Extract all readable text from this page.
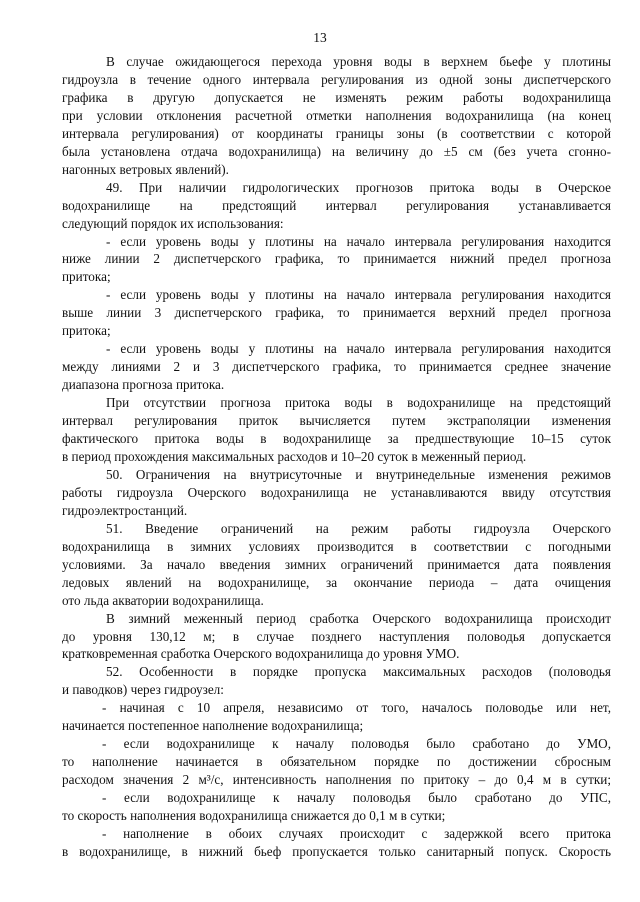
13
В случае ожидающегося перехода уровня воды в верхнем бьефе у плотины
гидроузла в течение одного интервала регулирования из одной зоны диспетчерского
графика в другую допускается не изменять режим работы водохранилища
при условии отклонения расчетной отметки наполнения водохранилища (на конец
интервала регулирования) от координаты границы зоны (в соответствии с которой
была установлена отдача водохранилища) на величину до ±5 см (без учета сгонно-
нагонных ветровых явлений).
49. При наличии гидрологических прогнозов притока воды в Очерское
водохранилище на предстоящий интервал регулирования устанавливается
следующий порядок их использования:
- если уровень воды у плотины на начало интервала регулирования находится
ниже линии 2 диспетчерского графика, то принимается нижний предел прогноза
притока;
- если уровень воды у плотины на начало интервала регулирования находится
выше линии 3 диспетчерского графика, то принимается верхний предел прогноза
притока;
- если уровень воды у плотины на начало интервала регулирования находится
между линиями 2 и 3 диспетчерского графика, то принимается среднее значение
диапазона прогноза притока.
При отсутствии прогноза притока воды в водохранилище на предстоящий
интервал регулирования приток вычисляется путем экстраполяции изменения
фактического притока воды в водохранилище за предшествующие 10–15 суток
в период прохождения максимальных расходов и 10–20 суток в меженный период.
50. Ограничения на внутрисуточные и внутринедельные изменения режимов
работы гидроузла Очерского водохранилища не устанавливаются ввиду отсутствия
гидроэлектростанций.
51. Введение ограничений на режим работы гидроузла Очерского
водохранилища в зимних условиях производится в соответствии с погодными
условиями. За начало введения зимних ограничений принимается дата появления
ледовых явлений на водохранилище, за окончание периода – дата очищения
ото льда акватории водохранилища.
В зимний меженный период сработка Очерского водохранилища происходит
до уровня 130,12 м; в случае позднего наступления половодья допускается
кратковременная сработка Очерского водохранилища до уровня УМО.
52. Особенности в порядке пропуска максимальных расходов (половодья
и паводков) через гидроузел:
- начиная с 10 апреля, независимо от того, началось половодье или нет,
начинается постепенное наполнение водохранилища;
- если водохранилище к началу половодья было сработано до УМО,
то наполнение начинается в обязательном порядке по достижении сбросным
расходом значения 2 м³/с, интенсивность наполнения по притоку – до 0,4 м в сутки;
- если водохранилище к началу половодья было сработано до УПС,
то скорость наполнения водохранилища снижается до 0,1 м в сутки;
- наполнение в обоих случаях происходит с задержкой всего притока
в водохранилище, в нижний бьеф пропускается только санитарный попуск. Скорость
